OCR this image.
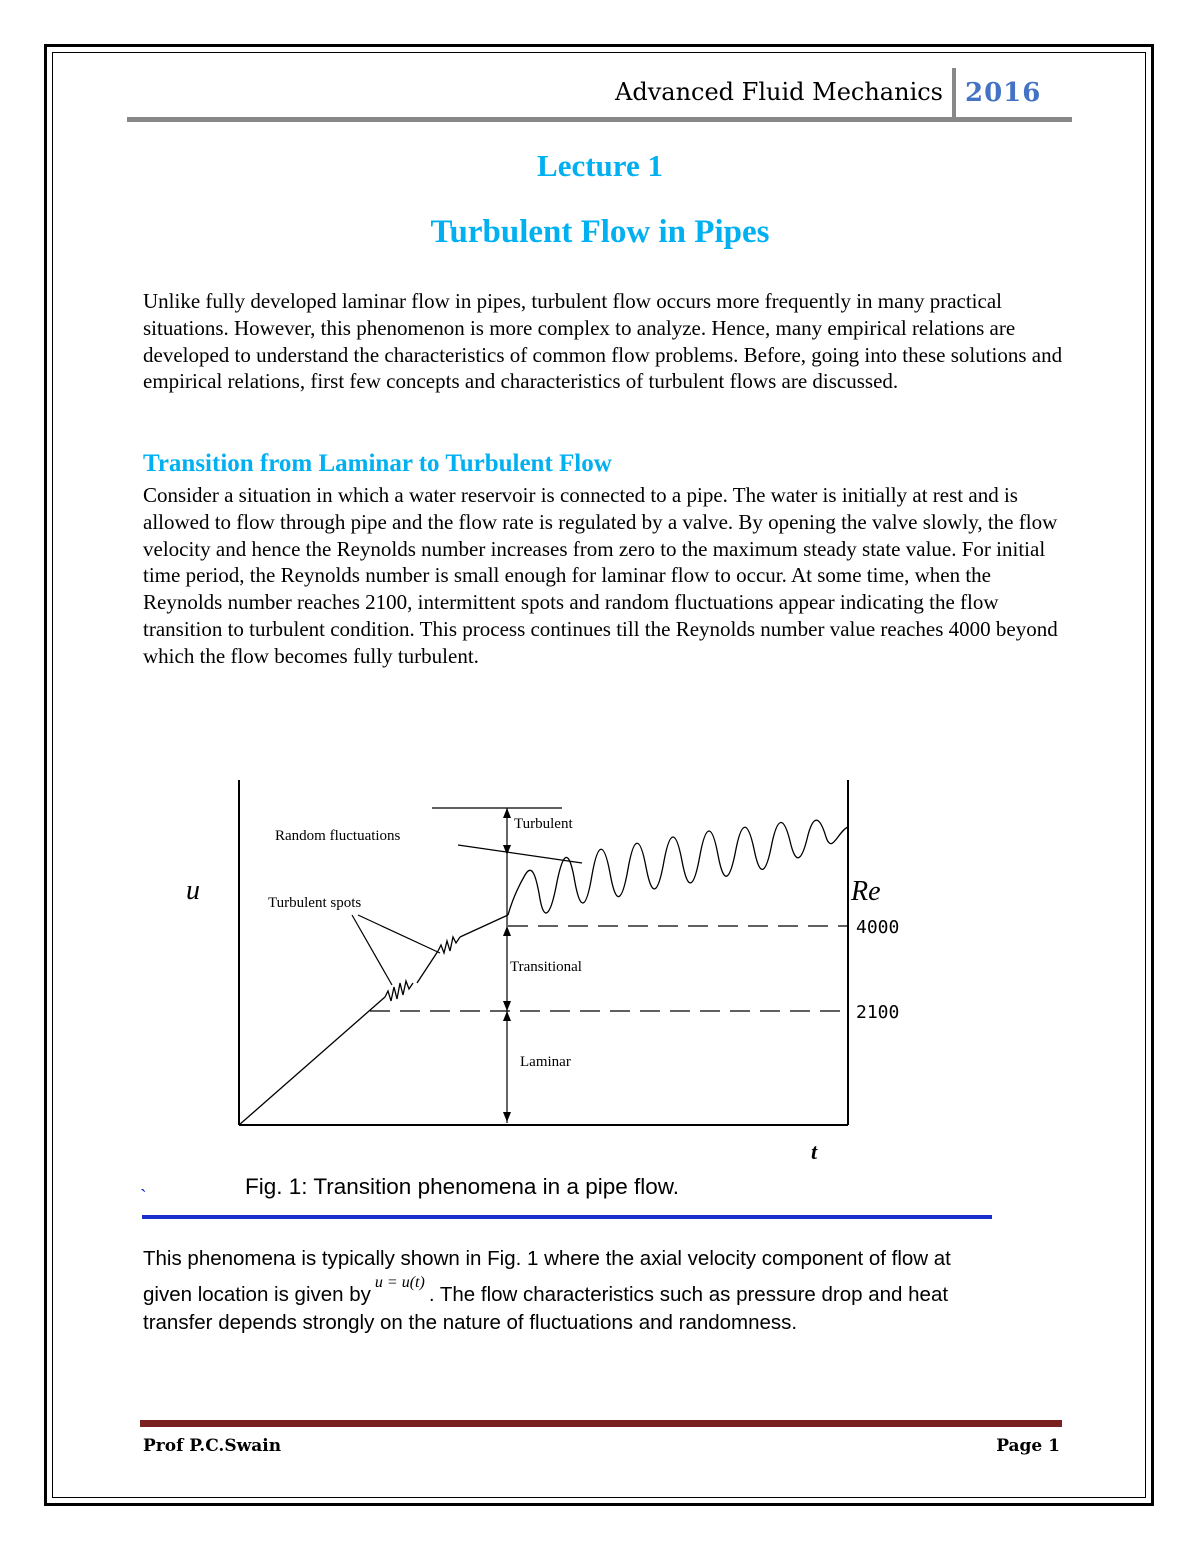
Advanced Fluid Mechanics 2016
Lecture 1
Turbulent Flow in Pipes

Unlike fully developed laminar flow in pipes, turbulent flow occurs more frequently in many practical situations. However, this phenomenon is more complex to analyze. Hence, many empirical relations are developed to understand the characteristics of common flow problems. Before, going into these solutions and empirical relations, first few concepts and characteristics of turbulent flows are discussed.

Transition from Laminar to Turbulent Flow

Consider a situation in which a water reservoir is connected to a pipe. The water is initially at rest and is allowed to flow through pipe and the flow rate is regulated by a valve. By opening the valve slowly, the flow velocity and hence the Reynolds number increases from zero to the maximum steady state value. For initial time period, the Reynolds number is small enough for laminar flow to occur. At some time, when the Reynolds number reaches 2100, intermittent spots and random fluctuations appear indicating the flow transition to turbulent condition. This process continues till the Reynolds number value reaches 4000 beyond which the flow becomes fully turbulent.

Turbulent
Random fluctuations
Turbulent spots
Transitional
Laminar
u
t
Re
4000
2100
`	Fig. 1: Transition phenomena in a pipe flow.
This phenomena is typically shown in Fig. 1 where the axial velocity component of flow at
given location is given $by^{u = u(t)}$. The flow characteristics such as pressure drop and heat
transfer depends strongly on the nature of fluctuations and randomness.
Prof P.C.Swain	Page 1
